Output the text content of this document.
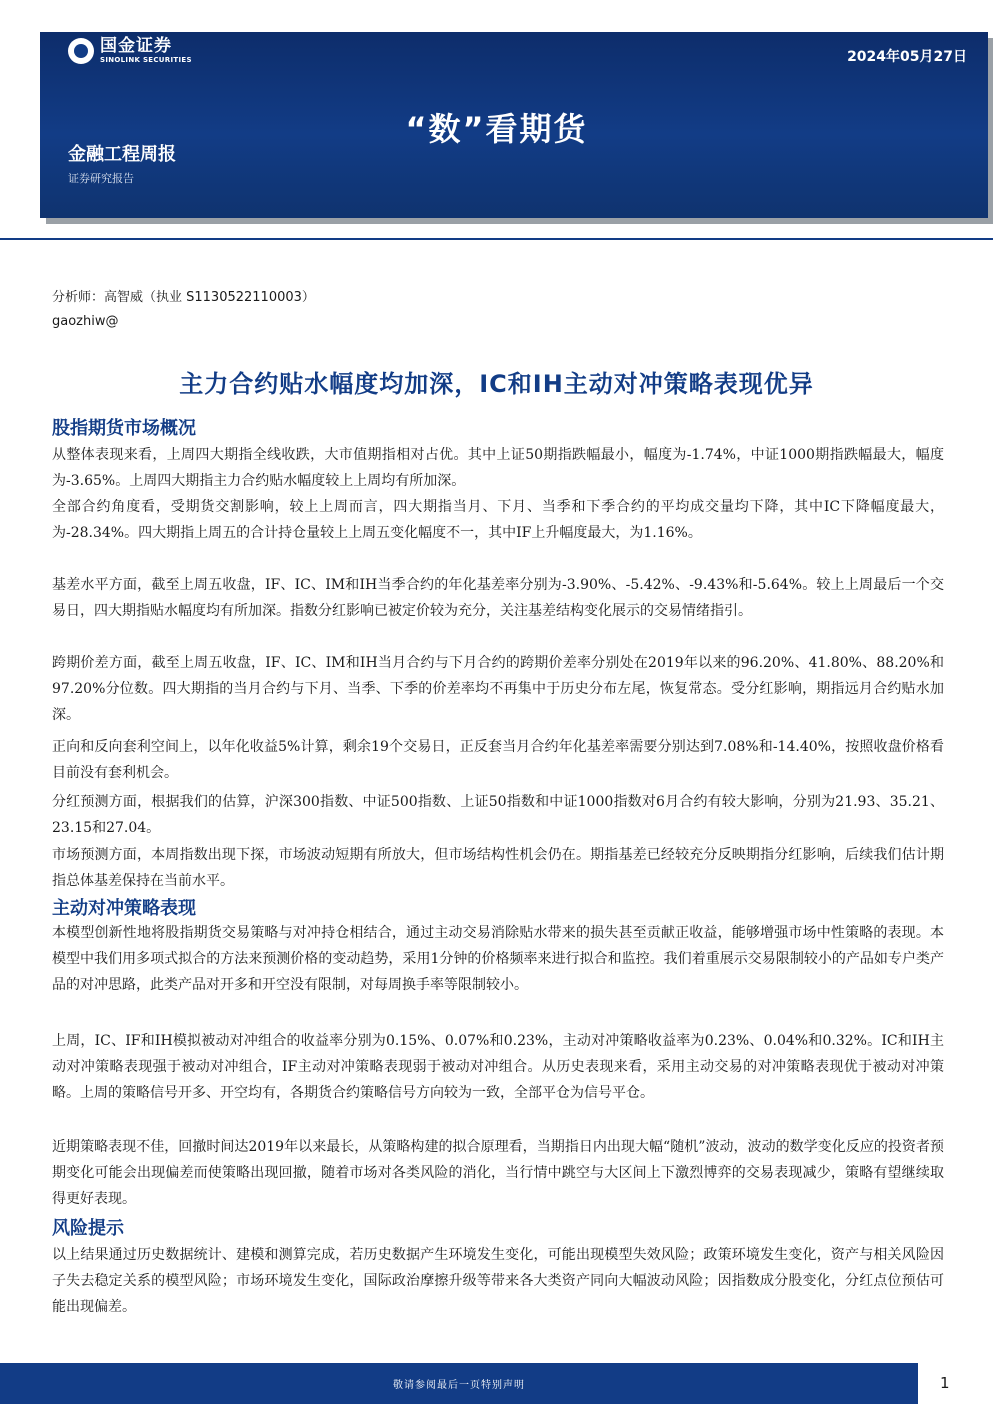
国金证券
SINOLINK SECURITIES	2024年05月27日
“数”看期货
金融工程周报
证券研究报告
分析师：高智威（执业 S1130522110003）
gaozhiw@
主力合约贴水幅度均加深，IC和IH主动对冲策略表现优异
股指期货市场概况
从整体表现来看，上周四大期指全线收跌，大市值期指相对占优。其中上证50期指跌幅最小，幅度为-1.74%，中证1000期指跌幅最大，幅度为-3.65%。上周四大期指主力合约贴水幅度较上上周均有所加深。
全部合约角度看，受期货交割影响，较上上周而言，四大期指当月、下月、当季和下季合约的平均成交量均下降，其中IC下降幅度最大，为-28.34%。四大期指上周五的合计持仓量较上上周五变化幅度不一，其中IF上升幅度最大，为1.16%。
基差水平方面，截至上周五收盘，IF、IC、IM和IH当季合约的年化基差率分别为-3.90%、-5.42%、-9.43%和-5.64%。较上上周最后一个交易日，四大期指贴水幅度均有所加深。指数分红影响已被定价较为充分，关注基差结构变化展示的交易情绪指引。
跨期价差方面，截至上周五收盘，IF、IC、IM和IH当月合约与下月合约的跨期价差率分别处在2019年以来的96.20%、41.80%、88.20%和97.20%分位数。四大期指的当月合约与下月、当季、下季的价差率均不再集中于历史分布左尾，恢复常态。受分红影响，期指远月合约贴水加深。
正向和反向套利空间上，以年化收益5%计算，剩余19个交易日，正反套当月合约年化基差率需要分别达到7.08%和-14.40%，按照收盘价格看目前没有套利机会。
分红预测方面，根据我们的估算，沪深300指数、中证500指数、上证50指数和中证1000指数对6月合约有较大影响，分别为21.93、35.21、23.15和27.04。
市场预测方面，本周指数出现下探，市场波动短期有所放大，但市场结构性机会仍在。期指基差已经较充分反映期指分红影响，后续我们估计期指总体基差保持在当前水平。
主动对冲策略表现
本模型创新性地将股指期货交易策略与对冲持仓相结合，通过主动交易消除贴水带来的损失甚至贡献正收益，能够增强市场中性策略的表现。本模型中我们用多项式拟合的方法来预测价格的变动趋势，采用1分钟的价格频率来进行拟合和监控。我们着重展示交易限制较小的产品如专户类产品的对冲思路，此类产品对开多和开空没有限制，对每周换手率等限制较小。
上周，IC、IF和IH模拟被动对冲组合的收益率分别为0.15%、0.07%和0.23%，主动对冲策略收益率为0.23%、0.04%和0.32%。IC和IH主动对冲策略表现强于被动对冲组合，IF主动对冲策略表现弱于被动对冲组合。从历史表现来看，采用主动交易的对冲策略表现优于被动对冲策略。上周的策略信号开多、开空均有，各期货合约策略信号方向较为一致，全部平仓为信号平仓。
近期策略表现不佳，回撤时间达2019年以来最长，从策略构建的拟合原理看，当期指日内出现大幅“随机”波动，波动的数学变化反应的投资者预期变化可能会出现偏差而使策略出现回撤，随着市场对各类风险的消化，当行情中跳空与大区间上下激烈博弈的交易表现减少，策略有望继续取得更好表现。
风险提示
以上结果通过历史数据统计、建模和测算完成，若历史数据产生环境发生变化，可能出现模型失效风险；政策环境发生变化，资产与相关风险因子失去稳定关系的模型风险；市场环境发生变化，国际政治摩擦升级等带来各大类资产同向大幅波动风险；因指数成分股变化，分红点位预估可能出现偏差。
敬请参阅最后一页特别声明	1
